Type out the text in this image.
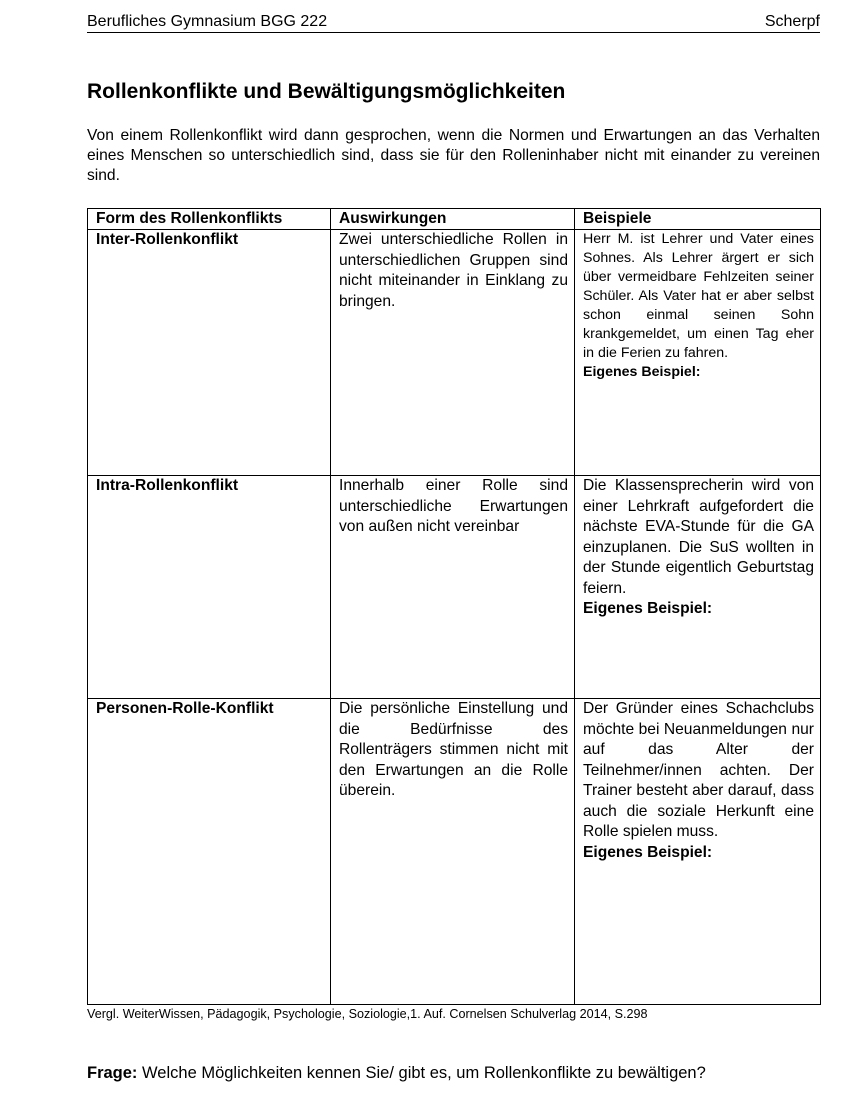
Berufliches Gymnasium BGG 222	Scherpf
Rollenkonflikte und Bewältigungsmöglichkeiten

Von einem Rollenkonflikt wird dann gesprochen, wenn die Normen und Erwartungen an das Verhalten eines Menschen so unterschiedlich sind, dass sie für den Rolleninhaber nicht mit einander zu vereinen sind.

Form des Rollenkonflikts	Auswirkungen	Beispiele

Inter-Rollenkonflikt	Zwei unterschiedliche Rollen in unterschiedlichen Gruppen sind nicht miteinander in Einklang zu bringen.	Herr M. ist Lehrer und Vater eines Sohnes. Als Lehrer ärgert er sich über vermeidbare Fehlzeiten seiner Schüler. Als Vater hat er aber selbst schon einmal seinen Sohn krankgemeldet, um einen Tag eher in die Ferien zu fahren.
Eigenes Beispiel:

Intra-Rollenkonflikt	Innerhalb einer Rolle sind unterschiedliche Erwartungen von außen nicht vereinbar	Die Klassensprecherin wird von einer Lehrkraft aufgefordert die nächste EVA-Stunde für die GA einzuplanen. Die SuS wollten in der Stunde eigentlich Geburtstag feiern.
Eigenes Beispiel:

Personen-Rolle-Konflikt	Die persönliche Einstellung und die Bedürfnisse des Rollenträgers stimmen nicht mit den Erwartungen an die Rolle überein.	Der Gründer eines Schachclubs möchte bei Neuanmeldungen nur auf das Alter der Teilnehmer/innen achten. Der Trainer besteht aber darauf, dass auch die soziale Herkunft eine Rolle spielen muss.
Eigenes Beispiel:

Vergl. WeiterWissen, Pädagogik, Psychologie, Soziologie,1. Auf. Cornelsen Schulverlag 2014, S.298

Frage: Welche Möglichkeiten kennen Sie/ gibt es, um Rollenkonflikte zu bewältigen?
